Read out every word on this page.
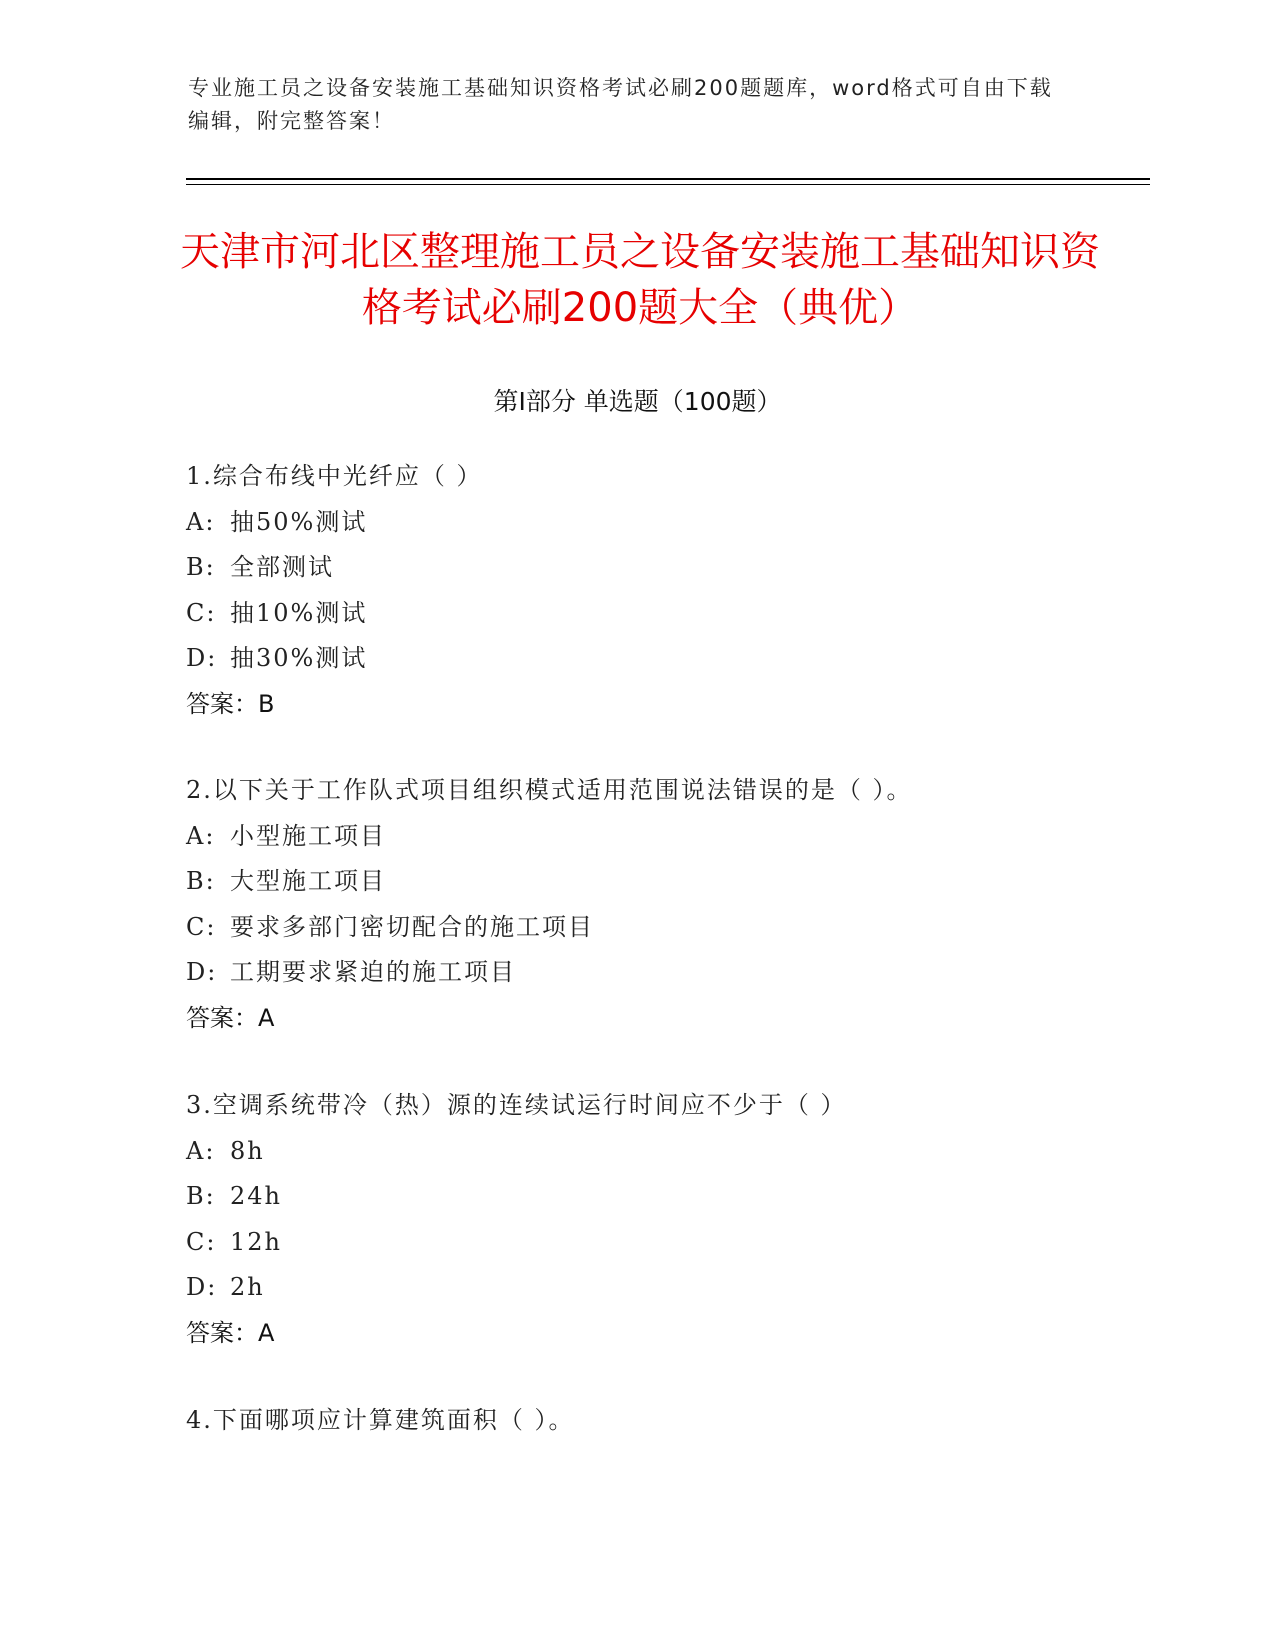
专业施工员之设备安装施工基础知识资格考试必刷200题题库，word格式可自由下载编辑，附完整答案！
天津市河北区整理施工员之设备安装施工基础知识资格考试必刷200题大全（典优）
第Ⅰ部分 单选题（100题）
1.综合布线中光纤应（ ）
A: 抽50%测试
B: 全部测试
C: 抽10%测试
D: 抽30%测试
答案：B
2.以下关于工作队式项目组织模式适用范围说法错误的是（ ）。
A: 小型施工项目
B: 大型施工项目
C: 要求多部门密切配合的施工项目
D: 工期要求紧迫的施工项目
答案：A
3.空调系统带冷（热）源的连续试运行时间应不少于（ ）
A: 8h
B: 24h
C: 12h
D: 2h
答案：A
4.下面哪项应计算建筑面积（ ）。
